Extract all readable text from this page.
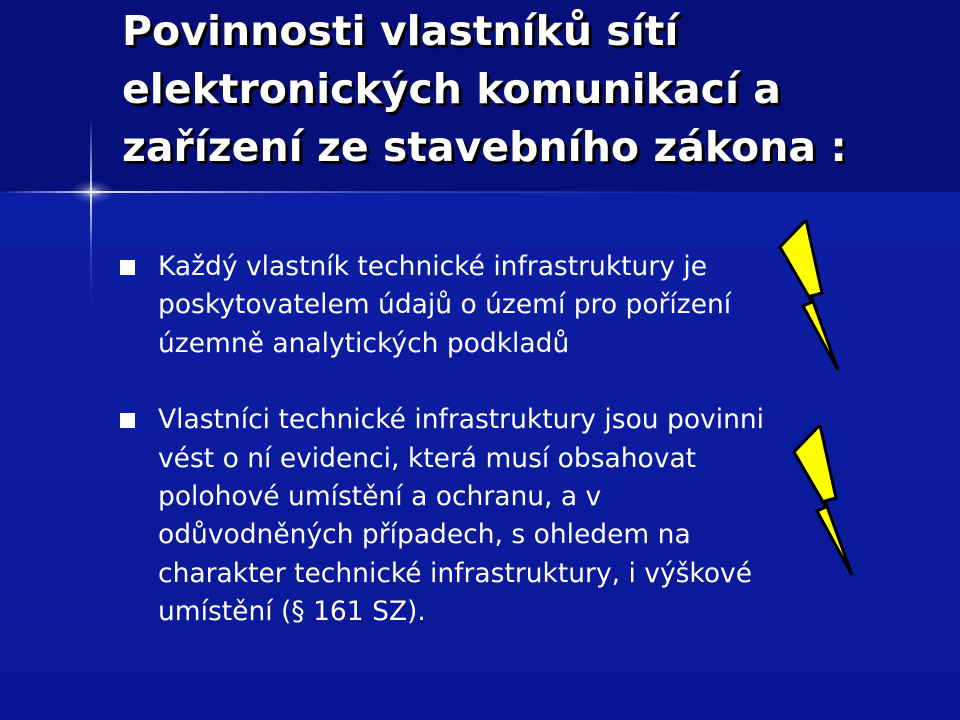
Povinnosti vlastníků sítí elektronických komunikací a zařízení ze stavebního zákona :
Každý vlastník technické infrastruktury je poskytovatelem údajů o území pro pořízení územně analytických podkladů
Vlastníci technické infrastruktury jsou povinni vést o ní evidenci, která musí obsahovat polohové umístění a ochranu, a v odůvodněných případech, s ohledem na charakter technické infrastruktury, i výškové umístění (§ 161 SZ).
